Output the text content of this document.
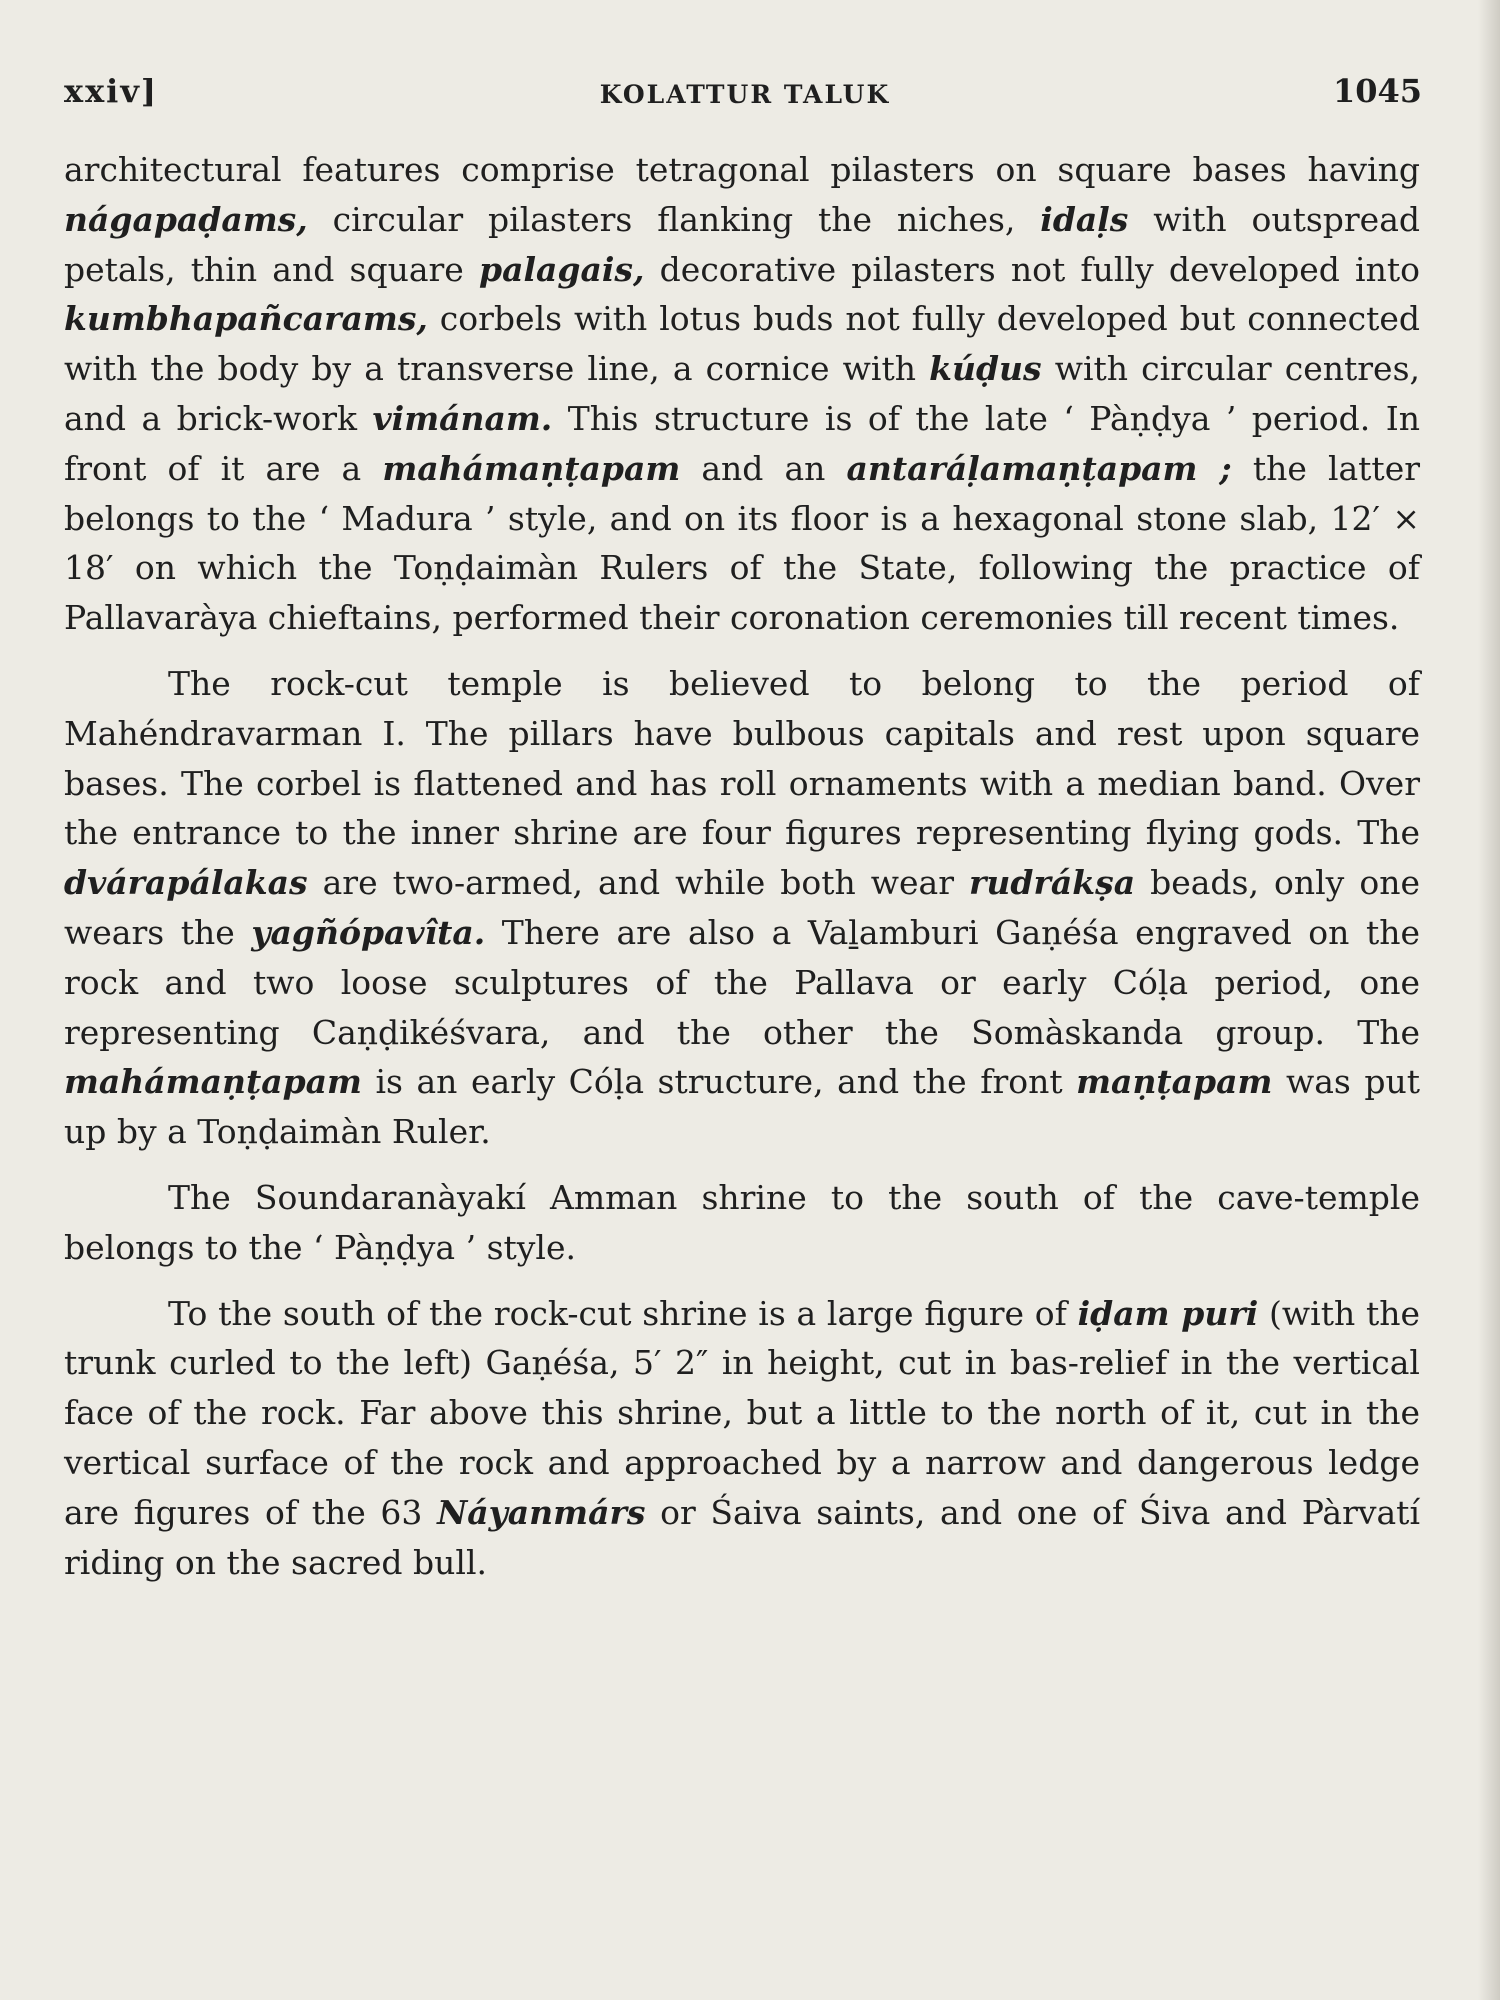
xxiv]	KOLATTUR TALUK	1045

architectural features comprise tetragonal pilasters on square bases having nágapaḍams, circular pilasters flanking the niches, idaḷs with outspread petals, thin and square palagais, decorative pilasters not fully developed into kumbhapañcarams, corbels with lotus buds not fully developed but connected with the body by a transverse line, a cornice with kúḍus with circular centres, and a brick-work vimánam. This structure is of the late ‘ Pàṇḍya ’ period. In front of it are a mahámaṇṭapam and an antaráḷamaṇṭapam ; the latter belongs to the ‘ Madura ’ style, and on its floor is a hexagonal stone slab, 12′ × 18′ on which the Toṇḍaimàn Rulers of the State, following the practice of Pallavaràya chieftains, performed their coronation ceremonies till recent times.

The rock-cut temple is believed to belong to the period of Mahéndravarman I. The pillars have bulbous capitals and rest upon square bases. The corbel is flattened and has roll ornaments with a median band. Over the entrance to the inner shrine are four figures representing flying gods. The dvárapálakas are two-armed, and while both wear rudrákṣa beads, only one wears the yagñópavîta. There are also a Vaḻamburi Gaṇéśa engraved on the rock and two loose sculptures of the Pallava or early Cóḷa period, one representing Caṇḍikéśvara, and the other the Somàskanda group. The mahámaṇṭapam is an early Cóḷa structure, and the front maṇṭapam was put up by a Toṇḍaimàn Ruler.

The Soundaranàyakí Amman shrine to the south of the cave-temple belongs to the ‘ Pàṇḍya ’ style.

To the south of the rock-cut shrine is a large figure of iḍam puri (with the trunk curled to the left) Gaṇéśa, 5′ 2″ in height, cut in bas-relief in the vertical face of the rock. Far above this shrine, but a little to the north of it, cut in the vertical surface of the rock and approached by a narrow and dangerous ledge are figures of the 63 Náyanmárs or Śaiva saints, and one of Śiva and Pàrvatí riding on the sacred bull.
